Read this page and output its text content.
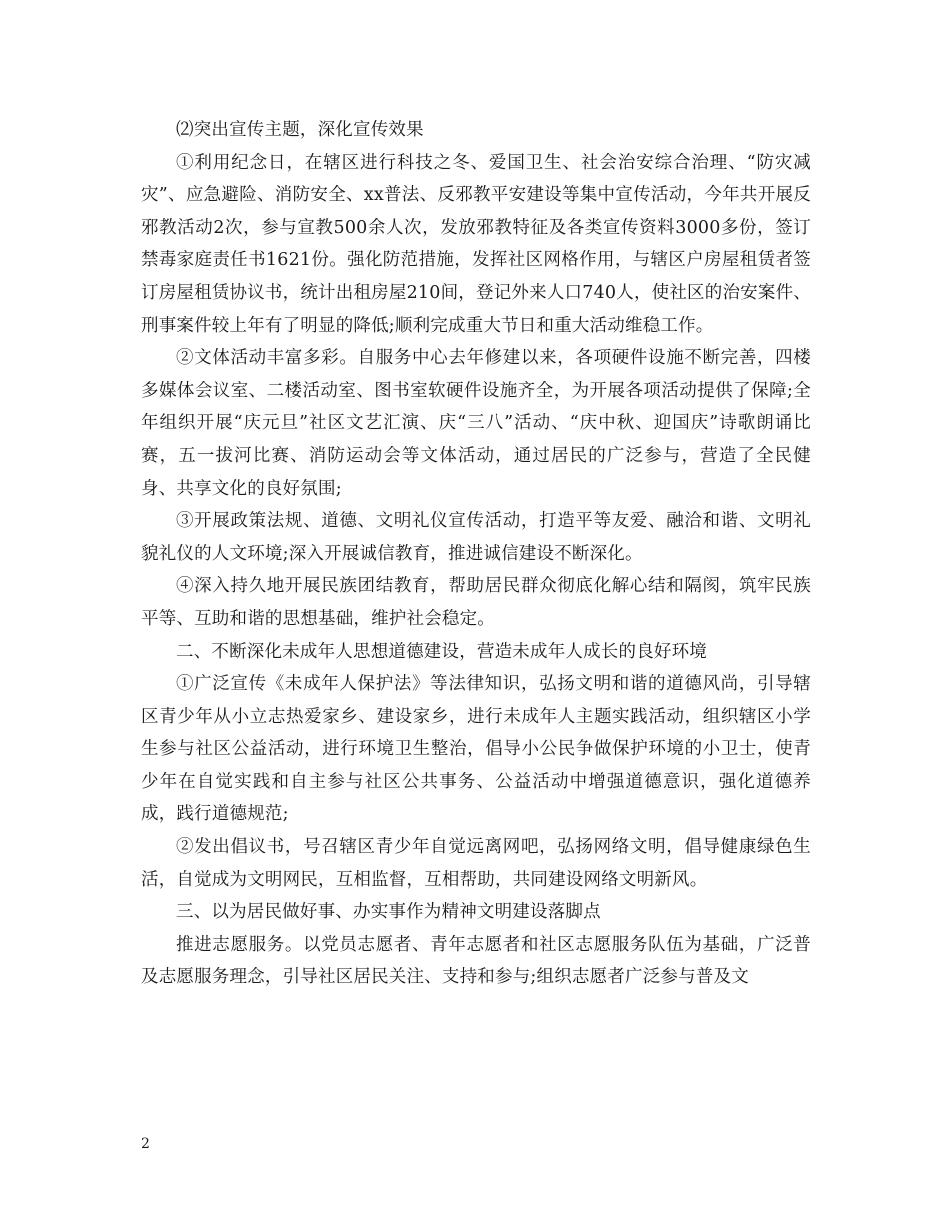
⑵突出宣传主题，深化宣传效果

①利用纪念日，在辖区进行科技之冬、爱国卫生、社会治安综合治理、“防灾减灾”、应急避险、消防安全、xx普法、反邪教平安建设等集中宣传活动，今年共开展反邪教活动2次，参与宣教500余人次，发放邪教特征及各类宣传资料3000多份，签订禁毒家庭责任书1621份。强化防范措施，发挥社区网格作用，与辖区户房屋租赁者签订房屋租赁协议书，统计出租房屋210间，登记外来人口740人，使社区的治安案件、刑事案件较上年有了明显的降低;顺利完成重大节日和重大活动维稳工作。

②文体活动丰富多彩。自服务中心去年修建以来，各项硬件设施不断完善，四楼多媒体会议室、二楼活动室、图书室软硬件设施齐全，为开展各项活动提供了保障;全年组织开展“庆元旦”社区文艺汇演、庆“三八”活动、“庆中秋、迎国庆”诗歌朗诵比赛，五一拔河比赛、消防运动会等文体活动，通过居民的广泛参与，营造了全民健身、共享文化的良好氛围;

③开展政策法规、道德、文明礼仪宣传活动，打造平等友爱、融洽和谐、文明礼貌礼仪的人文环境;深入开展诚信教育，推进诚信建设不断深化。

④深入持久地开展民族团结教育，帮助居民群众彻底化解心结和隔阂，筑牢民族平等、互助和谐的思想基础，维护社会稳定。

二、不断深化未成年人思想道德建设，营造未成年人成长的良好环境

①广泛宣传《未成年人保护法》等法律知识，弘扬文明和谐的道德风尚，引导辖区青少年从小立志热爱家乡、建设家乡，进行未成年人主题实践活动，组织辖区小学生参与社区公益活动，进行环境卫生整治，倡导小公民争做保护环境的小卫士，使青少年在自觉实践和自主参与社区公共事务、公益活动中增强道德意识，强化道德养成，践行道德规范;

②发出倡议书，号召辖区青少年自觉远离网吧，弘扬网络文明，倡导健康绿色生活，自觉成为文明网民，互相监督，互相帮助，共同建设网络文明新风。

三、以为居民做好事、办实事作为精神文明建设落脚点

推进志愿服务。以党员志愿者、青年志愿者和社区志愿服务队伍为基础，广泛普及志愿服务理念，引导社区居民关注、支持和参与;组织志愿者广泛参与普及文

2
